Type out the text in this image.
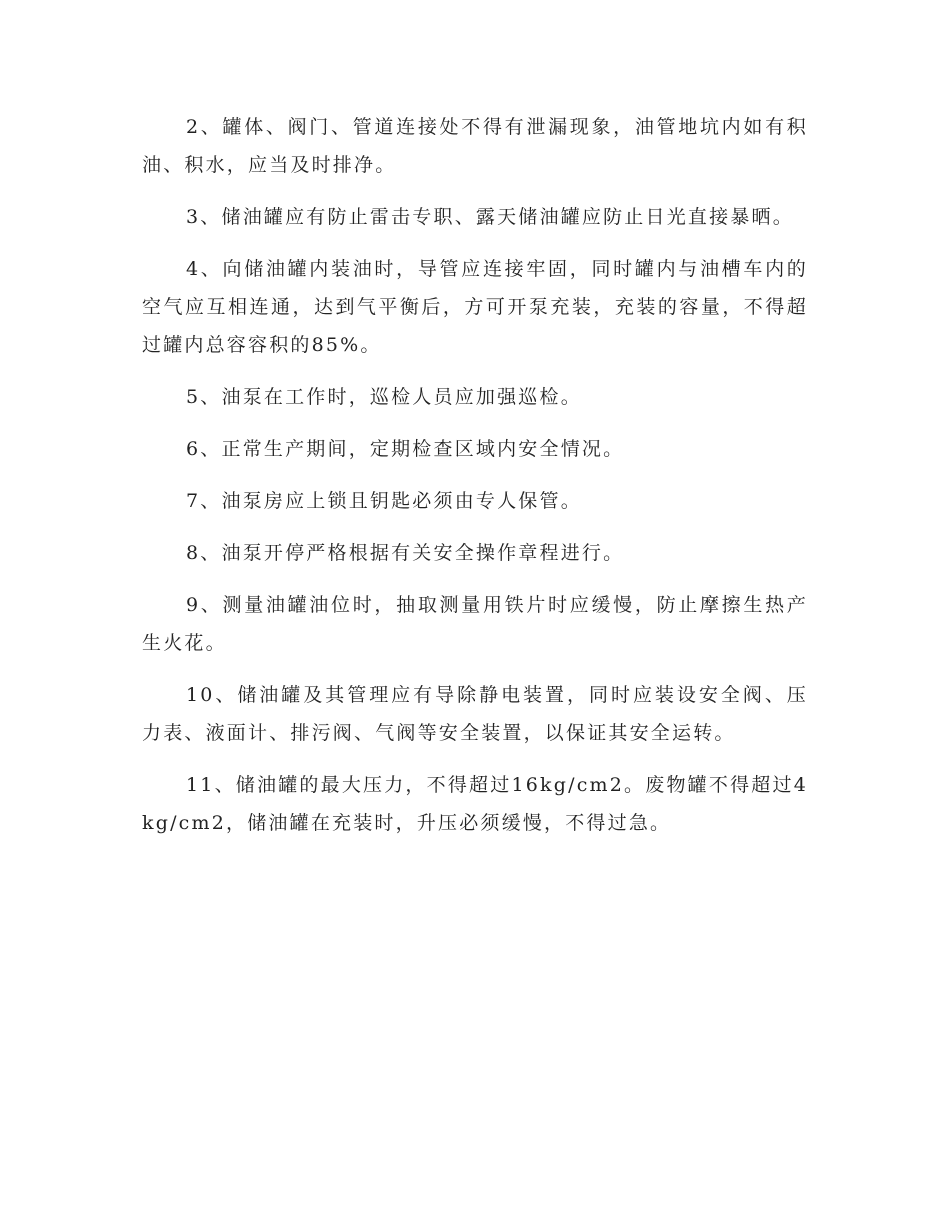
2、罐体、阀门、管道连接处不得有泄漏现象，油管地坑内如有积油、积水，应当及时排净。

3、储油罐应有防止雷击专职、露天储油罐应防止日光直接暴晒。

4、向储油罐内装油时，导管应连接牢固，同时罐内与油槽车内的空气应互相连通，达到气平衡后，方可开泵充装，充装的容量，不得超过罐内总容容积的85%。

5、油泵在工作时，巡检人员应加强巡检。

6、正常生产期间，定期检查区域内安全情况。

7、油泵房应上锁且钥匙必须由专人保管。

8、油泵开停严格根据有关安全操作章程进行。

9、测量油罐油位时，抽取测量用铁片时应缓慢，防止摩擦生热产生火花。

10、储油罐及其管理应有导除静电装置，同时应装设安全阀、压力表、液面计、排污阀、气阀等安全装置，以保证其安全运转。

11、储油罐的最大压力，不得超过16kg/cm2。废物罐不得超过4kg/cm2，储油罐在充装时，升压必须缓慢，不得过急。
